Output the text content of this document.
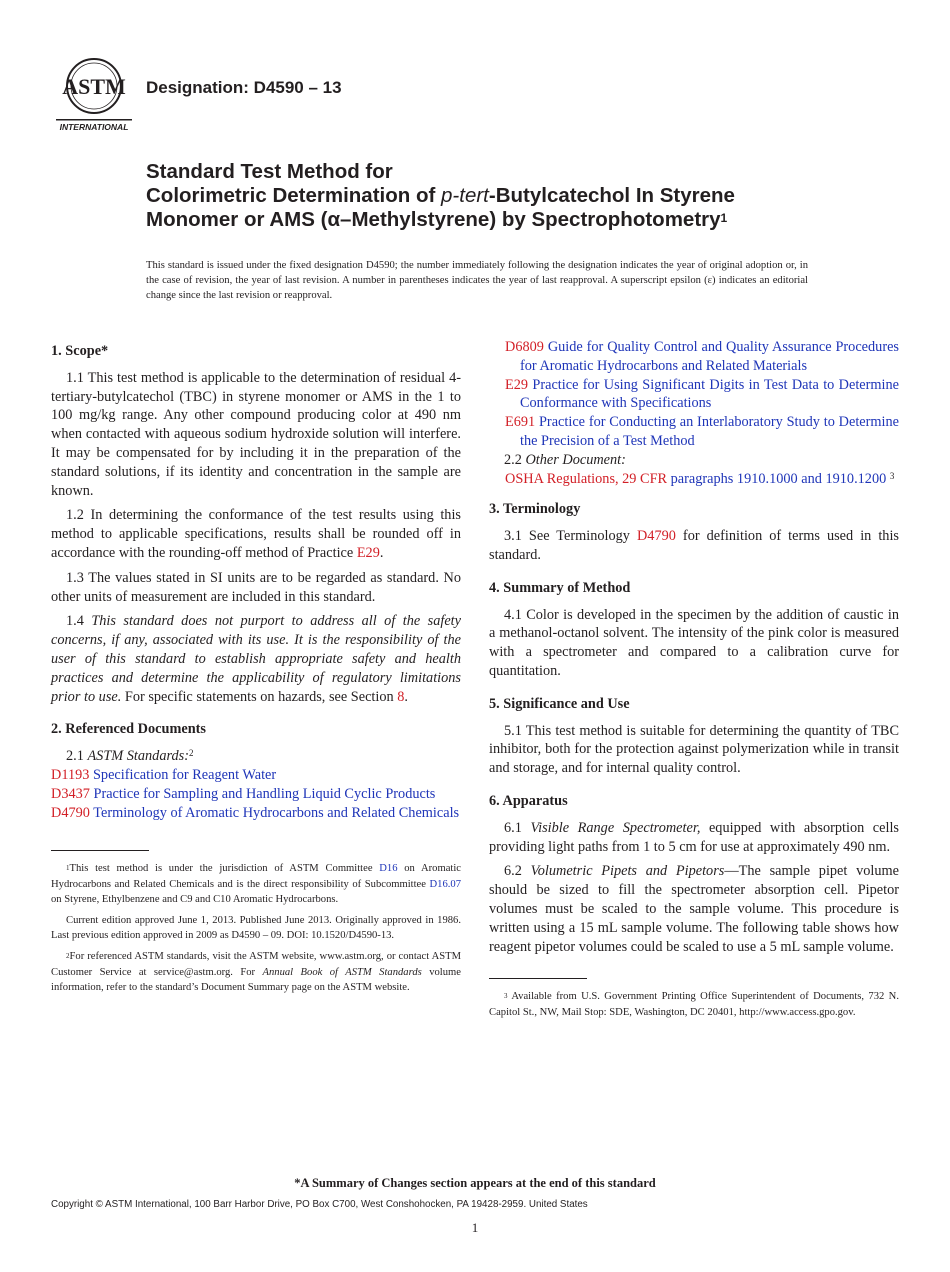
ASTM
INTERNATIONAL
Designation: D4590 – 13
Standard Test Method for
Colorimetric Determination of p-tert-Butylcatechol In Styrene
Monomer or AMS (α–Methylstyrene) by Spectrophotometry$^1$
This standard is issued under the fixed designation D4590; the number immediately following the designation indicates the year of original adoption or, in the case of revision, the year of last revision. A number in parentheses indicates the year of last reapproval. A superscript epsilon (ε) indicates an editorial change since the last revision or reapproval.
1. Scope*

1.1 This test method is applicable to the determination of residual 4-tertiary-butylcatechol (TBC) in styrene monomer or AMS in the 1 to 100 mg/kg range. Any other compound producing color at 490 nm when contacted with aqueous sodium hydroxide solution will interfere. It may be compensated for by including it in the preparation of the standard solutions, if its identity and concentration in the sample are known.

1.2 In determining the conformance of the test results using this method to applicable specifications, results shall be rounded off in accordance with the rounding-off method of Practice E29.

1.3 The values stated in SI units are to be regarded as standard. No other units of measurement are included in this standard.

1.4 This standard does not purport to address all of the safety concerns, if any, associated with its use. It is the responsibility of the user of this standard to establish appropriate safety and health practices and determine the applicability of regulatory limitations prior to use. For specific statements on hazards, see Section 8.

2. Referenced Documents

2.1 ASTM Standards:$^2$

D1193 Specification for Reagent Water
D3437 Practice for Sampling and Handling Liquid Cyclic Products
D4790 Terminology of Aromatic Hydrocarbons and Related Chemicals

$^1$This test method is under the jurisdiction of ASTM Committee D16 on Aromatic Hydrocarbons and Related Chemicals and is the direct responsibility of Subcommittee D16.07 on Styrene, Ethylbenzene and C9 and C10 Aromatic Hydrocarbons.

Current edition approved June 1, 2013. Published June 2013. Originally approved in 1986. Last previous edition approved in 2009 as D4590 – 09. DOI: 10.1520/D4590-13.

$^2$For referenced ASTM standards, visit the ASTM website, www.astm.org, or contact ASTM Customer Service at service@astm.org. For Annual Book of ASTM Standards volume information, refer to the standard’s Document Summary page on the ASTM website.

D6809 Guide for Quality Control and Quality Assurance Procedures for Aromatic Hydrocarbons and Related Materials
E29 Practice for Using Significant Digits in Test Data to Determine Conformance with Specifications
E691 Practice for Conducting an Interlaboratory Study to Determine the Precision of a Test Method

2.2 Other Document:

OSHA Regulations, 29 CFR paragraphs 1910.1000 and 1910.1200 $^3$
3. Terminology

3.1 See Terminology D4790 for definition of terms used in this standard.

4. Summary of Method

4.1 Color is developed in the specimen by the addition of caustic in a methanol-octanol solvent. The intensity of the pink color is measured with a spectrometer and compared to a calibration curve for quantitation.

5. Significance and Use

5.1 This test method is suitable for determining the quantity of TBC inhibitor, both for the protection against polymerization while in transit and storage, and for internal quality control.

6. Apparatus

6.1 Visible Range Spectrometer, equipped with absorption cells providing light paths from 1 to 5 cm for use at approximately 490 nm.

6.2 Volumetric Pipets and Pipetors—The sample pipet volume should be sized to fill the spectrometer absorption cell. Pipetor volumes must be scaled to the sample volume. This procedure is written using a 15 mL sample volume. The following table shows how reagent pipetor volumes could be scaled to use a 5 mL sample volume.

$^3$ Available from U.S. Government Printing Office Superintendent of Documents, 732 N. Capitol St., NW, Mail Stop: SDE, Washington, DC 20401, http://www.access.gpo.gov.

*A Summary of Changes section appears at the end of this standard
Copyright © ASTM International, 100 Barr Harbor Drive, PO Box C700, West Conshohocken, PA 19428-2959. United States
1
